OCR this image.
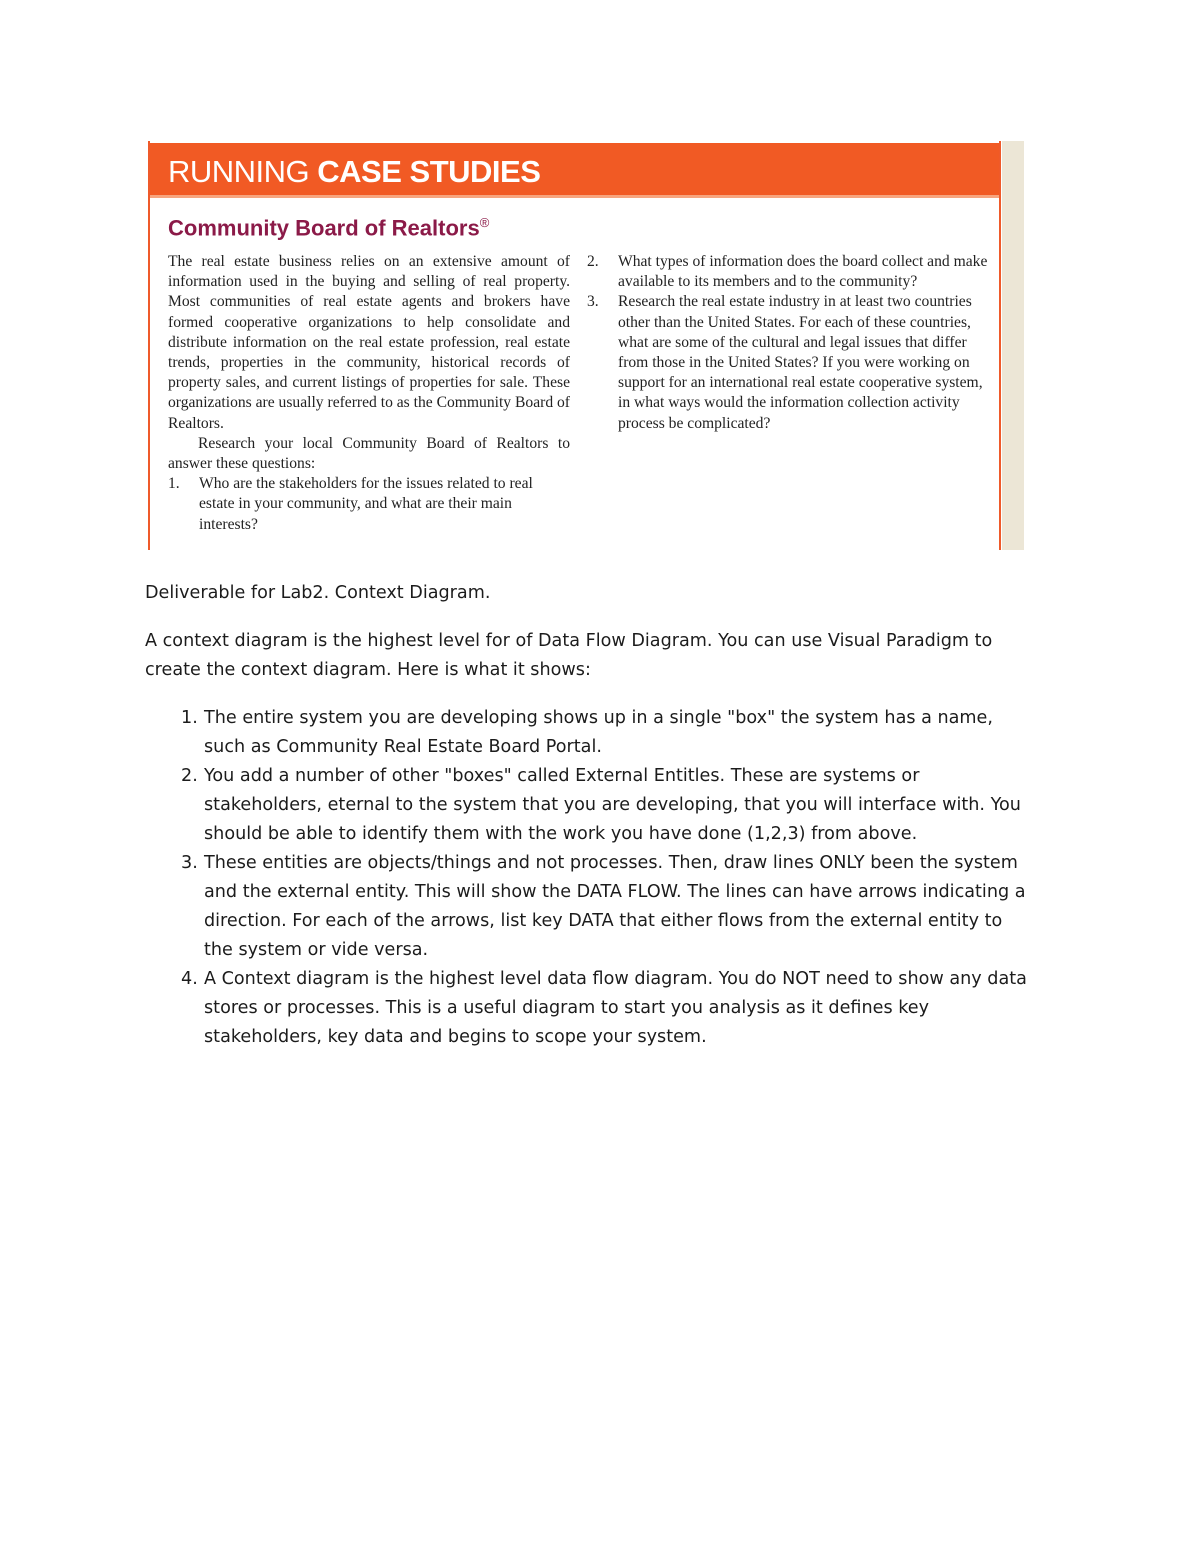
RUNNING CASE STUDIES
Community Board of Realtors®

The real estate business relies on an extensive amount of information used in the buying and selling of real property. Most communities of real estate agents and brokers have formed cooperative organizations to help consolidate and distribute information on the real estate profession, real estate trends, properties in the community, historical records of property sales, and current listings of properties for sale. These organizations are usually referred to as the Community Board of Realtors.

Research your local Community Board of Realtors to answer these questions:

1. Who are the stakeholders for the issues related to real estate in your community, and what are their main interests?
2. What types of information does the board collect and make available to its members and to the community?
3. Research the real estate industry in at least two countries other than the United States. For each of these countries, what are some of the cultural and legal issues that differ from those in the United States? If you were working on support for an international real estate cooperative system, in what ways would the information collection activity process be complicated?
Deliverable for Lab2. Context Diagram.
A context diagram is the highest level for of Data Flow Diagram. You can use Visual Paradigm to create the context diagram. Here is what it shows:
1. The entire system you are developing shows up in a single "box" the system has a name, such as Community Real Estate Board Portal.
2. You add a number of other "boxes" called External Entitles. These are systems or stakeholders, eternal to the system that you are developing, that you will interface with. You should be able to identify them with the work you have done (1,2,3) from above.
3. These entities are objects/things and not processes. Then, draw lines ONLY been the system and the external entity. This will show the DATA FLOW. The lines can have arrows indicating a direction. For each of the arrows, list key DATA that either flows from the external entity to the system or vide versa.
4. A Context diagram is the highest level data flow diagram. You do NOT need to show any data stores or processes. This is a useful diagram to start you analysis as it defines key stakeholders, key data and begins to scope your system.
